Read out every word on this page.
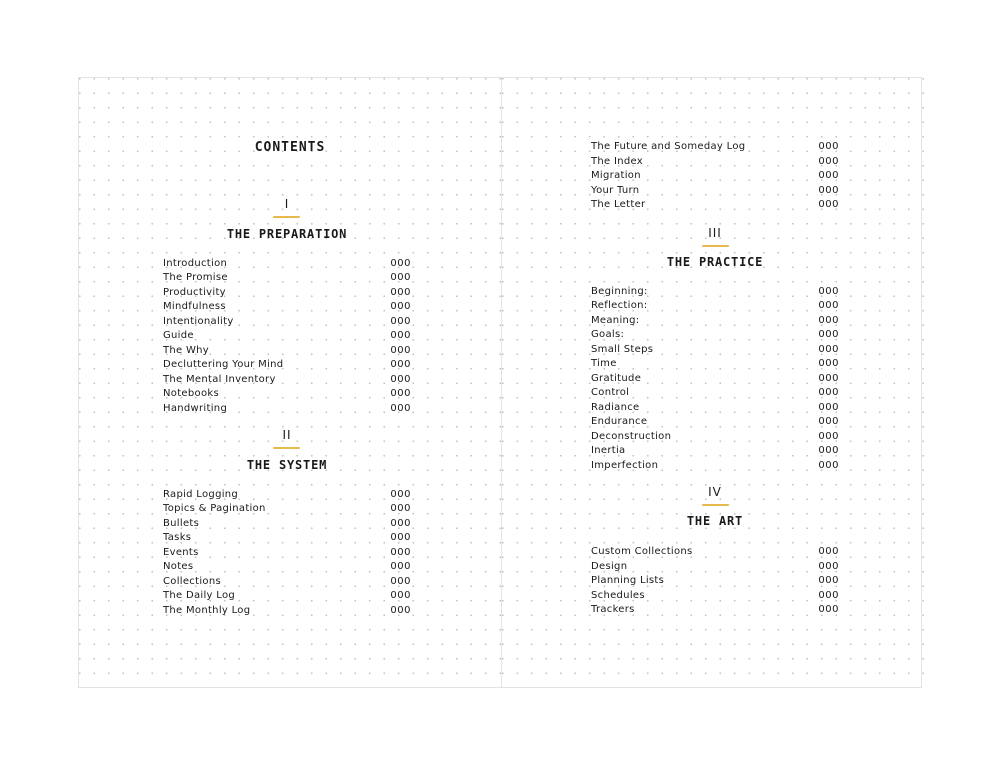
CONTENTS
I
THE PREPARATION
Introduction	000
The Promise	000
Productivity	000
Mindfulness	000
Intentionality	000
Guide	000
The Why	000
Decluttering Your Mind	000
The Mental Inventory	000
Notebooks	000
Handwriting	000
II
THE SYSTEM
Rapid Logging	000
Topics & Pagination	000
Bullets	000
Tasks	000
Events	000
Notes	000
Collections	000
The Daily Log	000
The Monthly Log	000
The Future and Someday Log	000
The Index	000
Migration	000
Your Turn	000
The Letter	000
III
THE PRACTICE
Beginning:	000
Reflection:	000
Meaning:	000
Goals:	000
Small Steps	000
Time	000
Gratitude	000
Control	000
Radiance	000
Endurance	000
Deconstruction	000
Inertia	000
Imperfection	000
IV
THE ART
Custom Collections	000
Design	000
Planning Lists	000
Schedules	000
Trackers	000
